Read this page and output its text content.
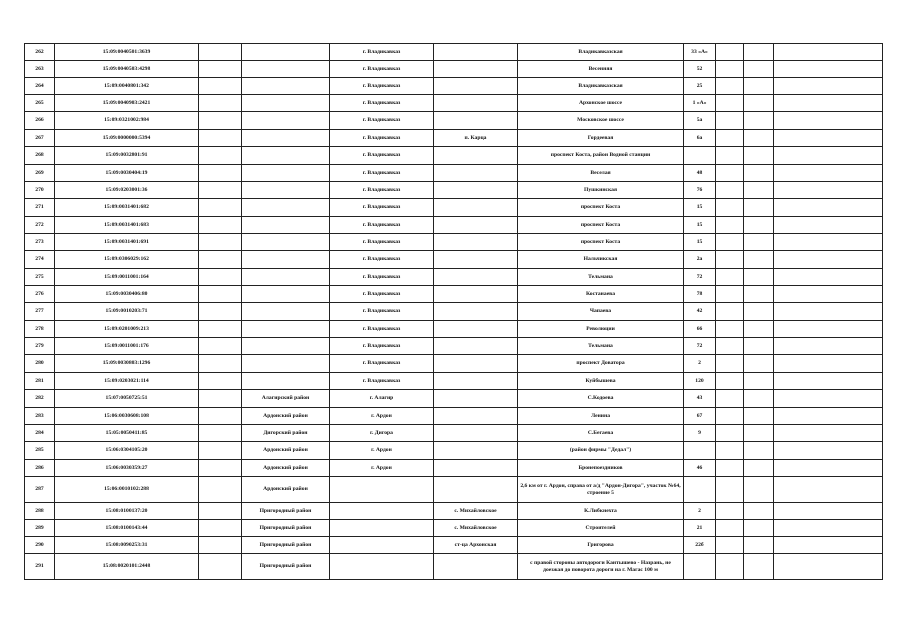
262	15:09:0040501:3639			г. Владикавказ		Владикавказская	33 «А»			
263	15:09:0040503:4298			г. Владикавказ		Весенняя	52			
264	15:09:0040801:342			г. Владикавказ		Владикавказская	25			
265	15:09:0040903:2421			г. Владикавказ		Архонское шоссе	1 «А»			
266	15:09:0321002:984			г. Владикавказ		Московское шоссе	5а			
267	15:09:0000000:5394			г. Владикавказ	п. Карца	Гордеевая	6а			
268	15:09:0032801:91			г. Владикавказ		проспект Коста, район Водной станции				
269	15:09:0030404:19			г. Владикавказ		Веселая	48			
270	15:09:0203001:36			г. Владикавказ		Пушкинская	76			
271	15:09:0031401:682			г. Владикавказ		проспект Коста	15			
272	15:09:0031401:683			г. Владикавказ		проспект Коста	15			
273	15:09:0031401:691			г. Владикавказ		проспект Коста	15			
274	15:09:0306029:162			г. Владикавказ		Нальчикская	2а			
275	15:09:0011001:164			г. Владикавказ		Тельмана	72			
276	15:09:0030406:80			г. Владикавказ		Костанаева	78			
277	15:09:0010203:71			г. Владикавказ		Чапаева	42			
278	15:09:0201009:213			г. Владикавказ		Революции	66			
279	15:09:0011001:176			г. Владикавказ		Тельмана	72			
280	15:09:0030803:1296			г. Владикавказ		проспект Доватора	2			
281	15:09:0203021:114			г. Владикавказ		Куйбышева	120			
282	15:07:0050725:51		Алагирский район	г. Алагир		С.Кодоева	43			
283	15:06:0030608:108		Ардонский район	г. Ардон		Ленина	67			
284	15:05:0050411:85		Дигорский район	г. Дигора		С.Бегаева	9			
285	15:06:0304105:20		Ардонский район	г. Ардон		(район фирмы "Дедал")				
286	15:06:0030359:27		Ардонский район	г. Ардон		Бронепоездников	46			
287	15:06:0010102:288		Ардонский район			2,6 км от г. Ардон, справа от а/д "Ардон-Дигора", участок №64, строение 5				
288	15:08:0100137:20		Пригородный район		с. Михайловское	К.Либкнехта	2			
289	15:08:0100143:44		Пригородный район		с. Михайловское	Строителей	21			
290	15:08:0090253:31		Пригородный район		ст-ца Архонская	Григорова	22б			
291	15:08:0020101:2448		Пригородный район			с правой стороны автодороги Кантышево - Назрань, не доезжая до поворота дороги на г. Магас 100 м				
